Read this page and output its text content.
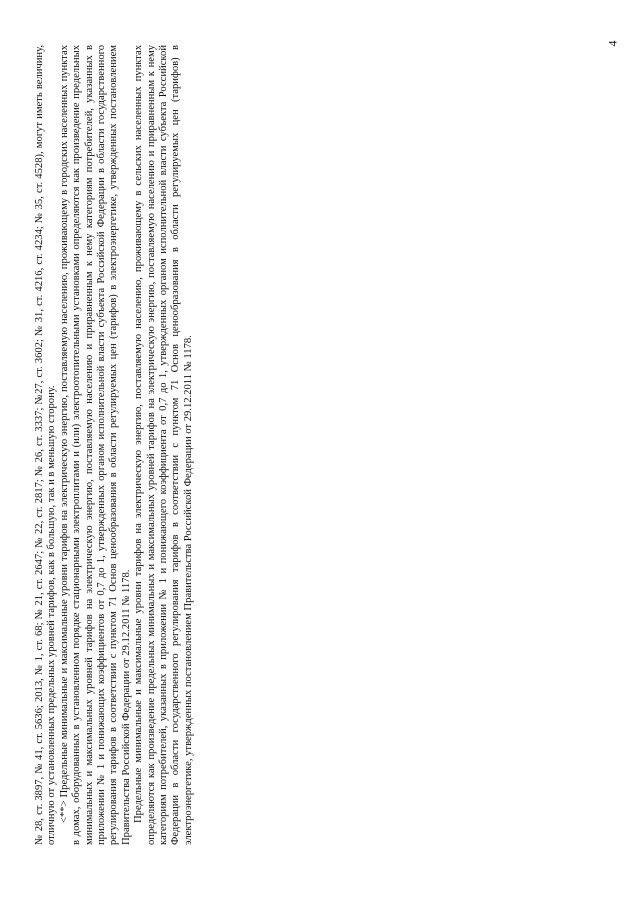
4

№ 28, ст. 3897, № 41, ст. 5636; 2013, № 1, ст. 68; № 21, ст. 2647; № 22, ст. 2817; № 26, ст. 3337; №27, ст. 3602; № 31, ст. 4216, ст. 4234; № 35, ст. 4528), могут иметь величину, отличную от установленных предельных уровней тарифов, как в большую, так и в меньшую сторону. <**> Предельные минимальные и максимальные уровни тарифов на электрическую энергию, поставляемую населению, проживающему в городских населенных пунктах в домах, оборудованных в установленном порядке стационарными электроплитами и (или) электроотопительными установками определяются как произведение предельных минимальных и максимальных уровней тарифов на электрическую энергию, поставляемую населению и приравненным к нему категориям потребителей, указанных в приложении № 1 и понижающих коэффициентов от 0,7 до 1, утвержденных органом исполнительной власти субъекта Российской Федерации в области государственного регулирования тарифов в соответствии с пунктом 71 Основ ценообразования в области регулируемых цен (тарифов) в электроэнергетике, утвержденных постановлением Правительства Российской Федерации от 29.12.2011 № 1178. Предельные минимальные и максимальные уровни тарифов на электрическую энергию, поставляемую населению, проживающему в сельских населенных пунктах определяются как произведение предельных минимальных и максимальных уровней тарифов на электрическую энергию, поставляемую населению и приравненным к нему категориям потребителей, указанных в приложении № 1 и понижающего коэффициента от 0,7 до 1, утвержденных органом исполнительной власти субъекта Российской Федерации в области государственного регулирования тарифов в соответствии с пунктом 71 Основ ценообразования в области регулируемых цен (тарифов) в электроэнергетике, утвержденных постановлением Правительства Российской Федерации от 29.12.2011 № 1178.
